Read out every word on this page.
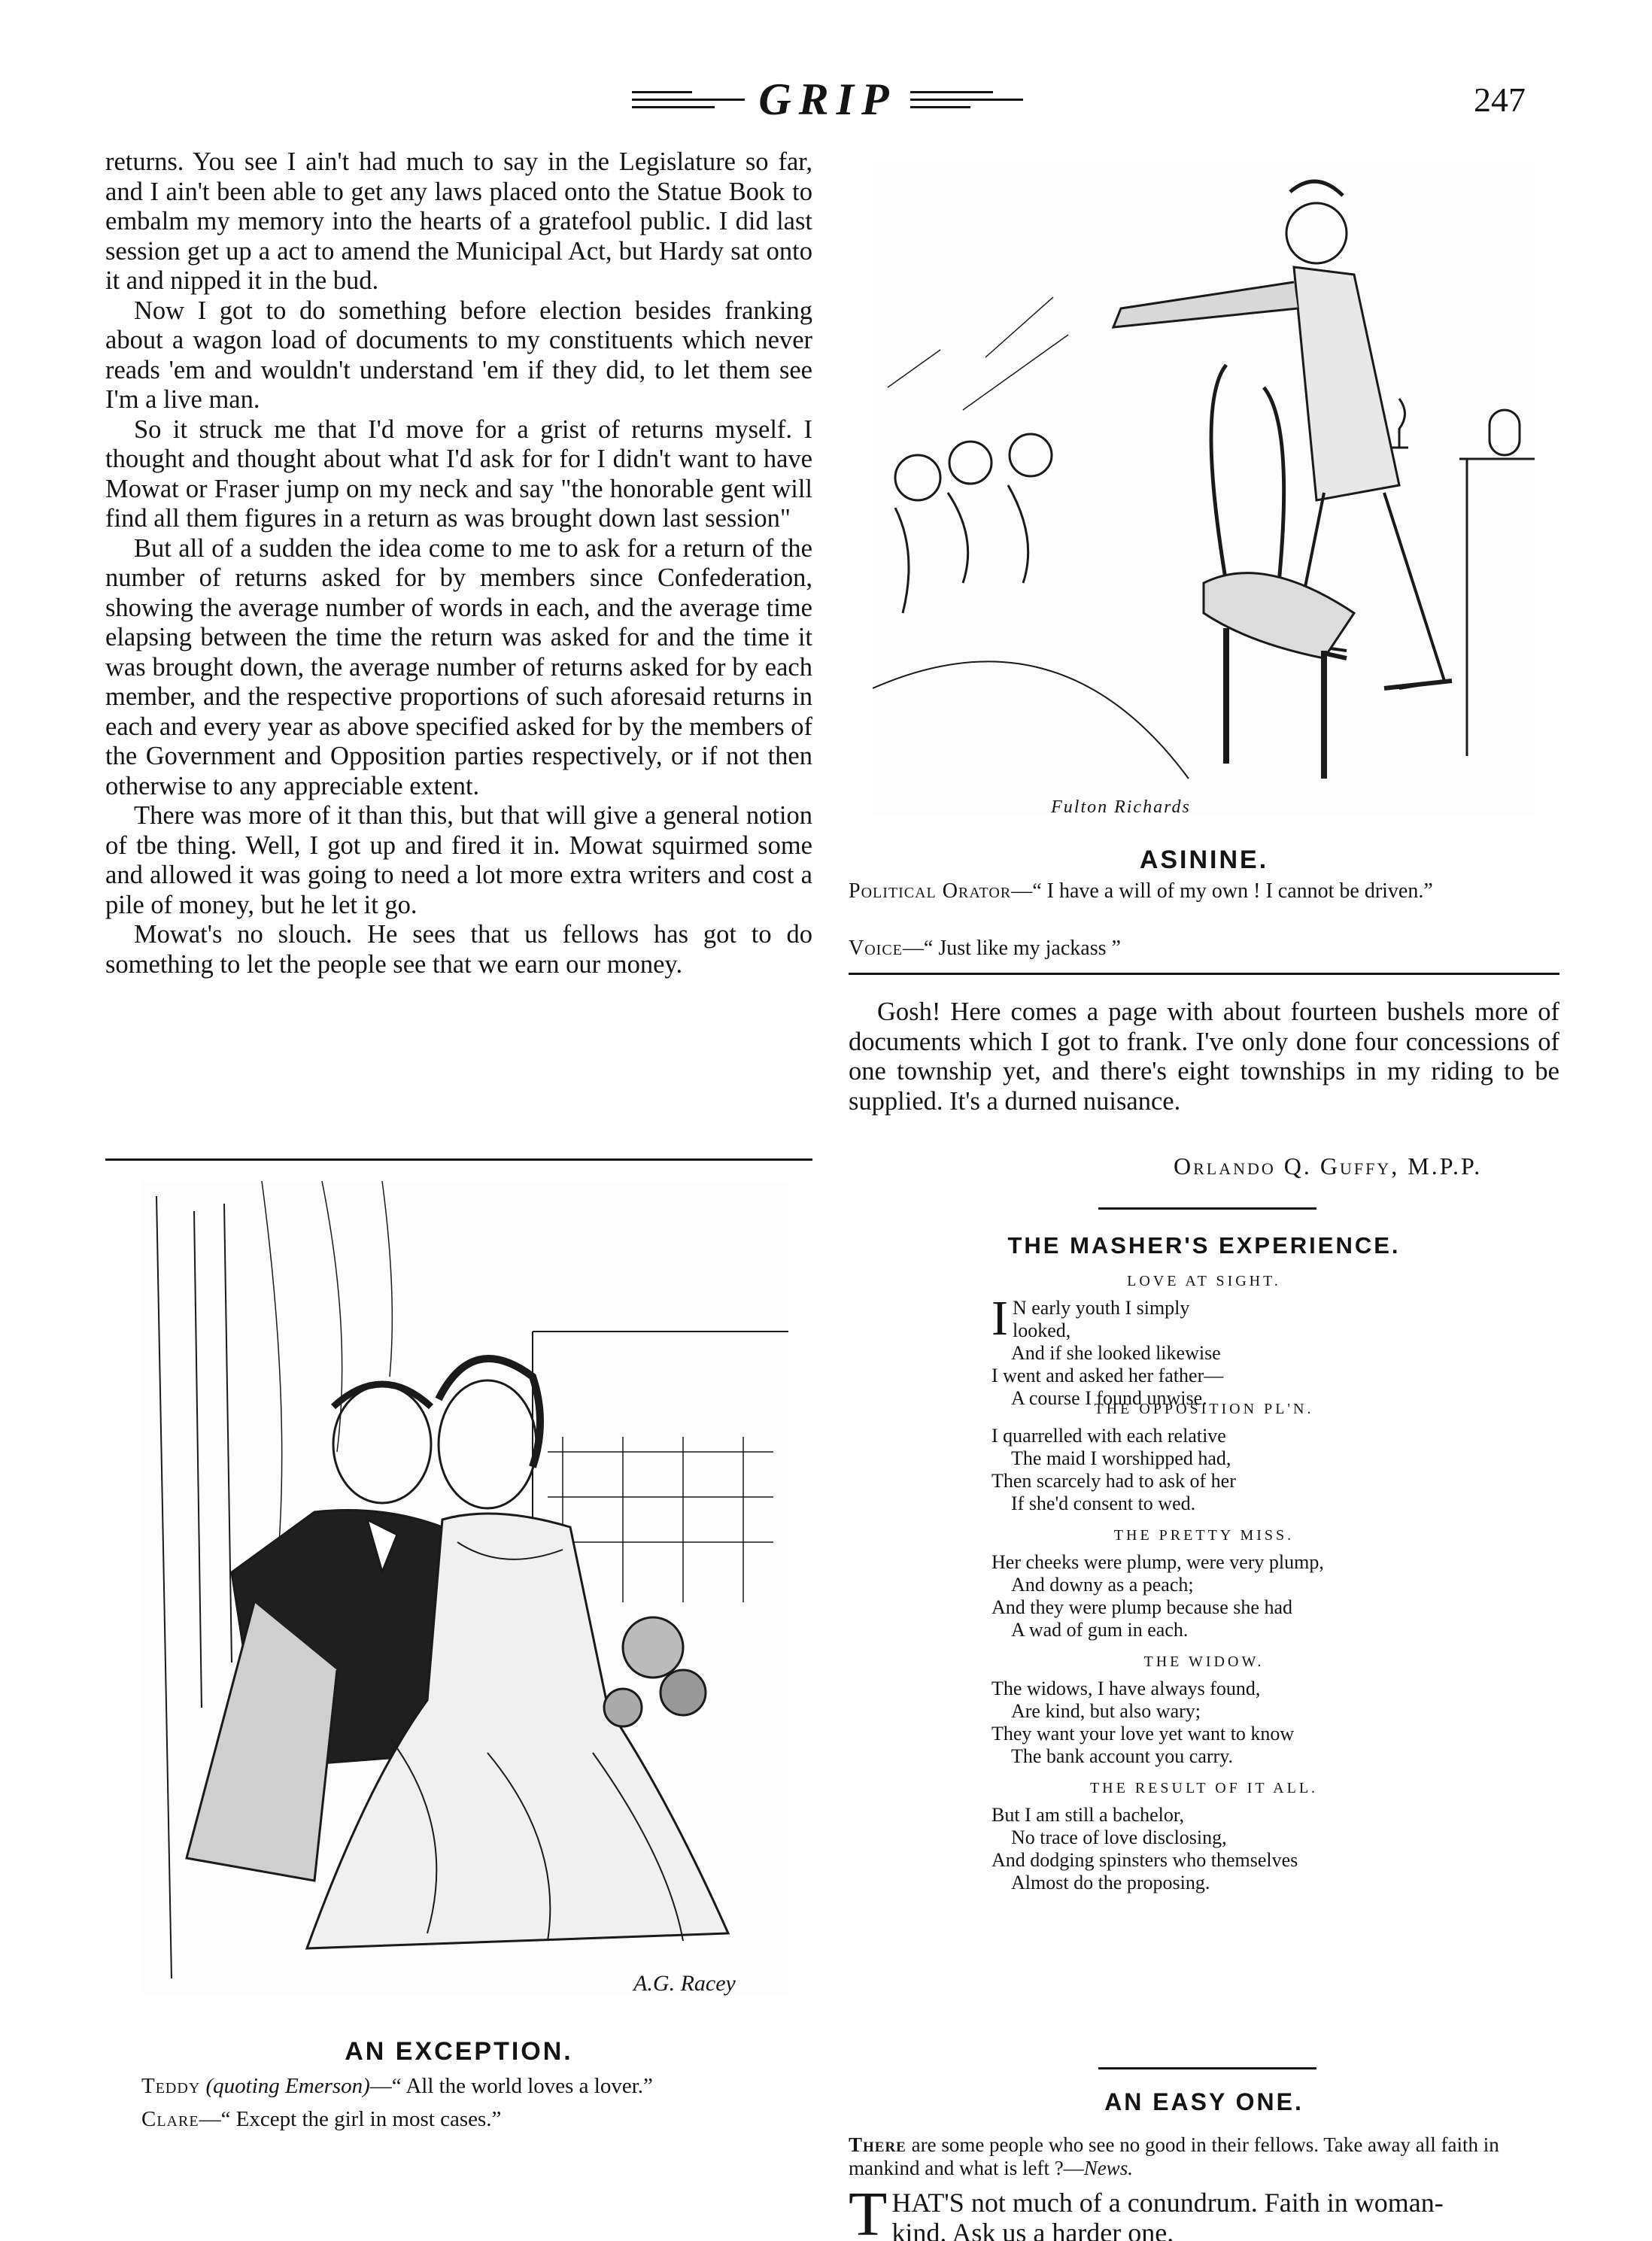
GRIP	247

returns. You see I ain't had much to say in the Legislature so far, and I ain't been able to get any laws placed onto the Statue Book to embalm my memory into the hearts of a gratefool public. I did last session get up a act to amend the Municipal Act, but Hardy sat onto it and nipped it in the bud.

Now I got to do something before election besides franking about a wagon load of documents to my constituents which never reads 'em and wouldn't understand 'em if they did, to let them see I'm a live man.

So it struck me that I'd move for a grist of returns myself. I thought and thought about what I'd ask for for I didn't want to have Mowat or Fraser jump on my neck and say "the honorable gent will find all them figures in a return as was brought down last session"

But all of a sudden the idea come to me to ask for a return of the number of returns asked for by members since Confederation, showing the average number of words in each, and the average time elapsing between the time the return was asked for and the time it was brought down, the average number of returns asked for by each member, and the respective proportions of such aforesaid returns in each and every year as above specified asked for by the members of the Government and Opposition parties respectively, or if not then otherwise to any appreciable extent.

There was more of it than this, but that will give a general notion of tbe thing. Well, I got up and fired it in. Mowat squirmed some and allowed it was going to need a lot more extra writers and cost a pile of money, but he let it go.

Mowat's no slouch. He sees that us fellows has got to do something to let the people see that we earn our money.

Fulton Richards
ASININE.
Political Orator—“ I have a will of my own ! I cannot be driven.”
Voice—“ Just like my jackass ”

Gosh! Here comes a page with about fourteen bushels more of documents which I got to frank. I've only done four concessions of one township yet, and there's eight townships in my riding to be supplied. It's a durned nuisance.

Orlando Q. Guffy, M.P.P.
THE MASHER'S EXPERIENCE.
LOVE AT SIGHT.
I N early youth I simply looked,
And if she looked likewise
I went and asked her father—
A course I found unwise.
THE OPPOSITION PL'N.
I quarrelled with each relative
The maid I worshipped had,
Then scarcely had to ask of her
If she'd consent to wed.
THE PRETTY MISS.
Her cheeks were plump, were very plump,
And downy as a peach;
And they were plump because she had
A wad of gum in each.
THE WIDOW.
The widows, I have always found,
Are kind, but also wary;
They want your love yet want to know
The bank account you carry.
THE RESULT OF IT ALL.
But I am still a bachelor,
No trace of love disclosing,
And dodging spinsters who themselves
Almost do the proposing.
AN EASY ONE.
There are some people who see no good in their fellows. Take away all faith in mankind and what is left ?—News.
T HAT'S not much of a conundrum. Faith in woman-
kind. Ask us a harder one.
A.G. Racey
AN EXCEPTION.
Teddy (quoting Emerson)—“ All the world loves a lover.”
Clare—“ Except the girl in most cases.”
